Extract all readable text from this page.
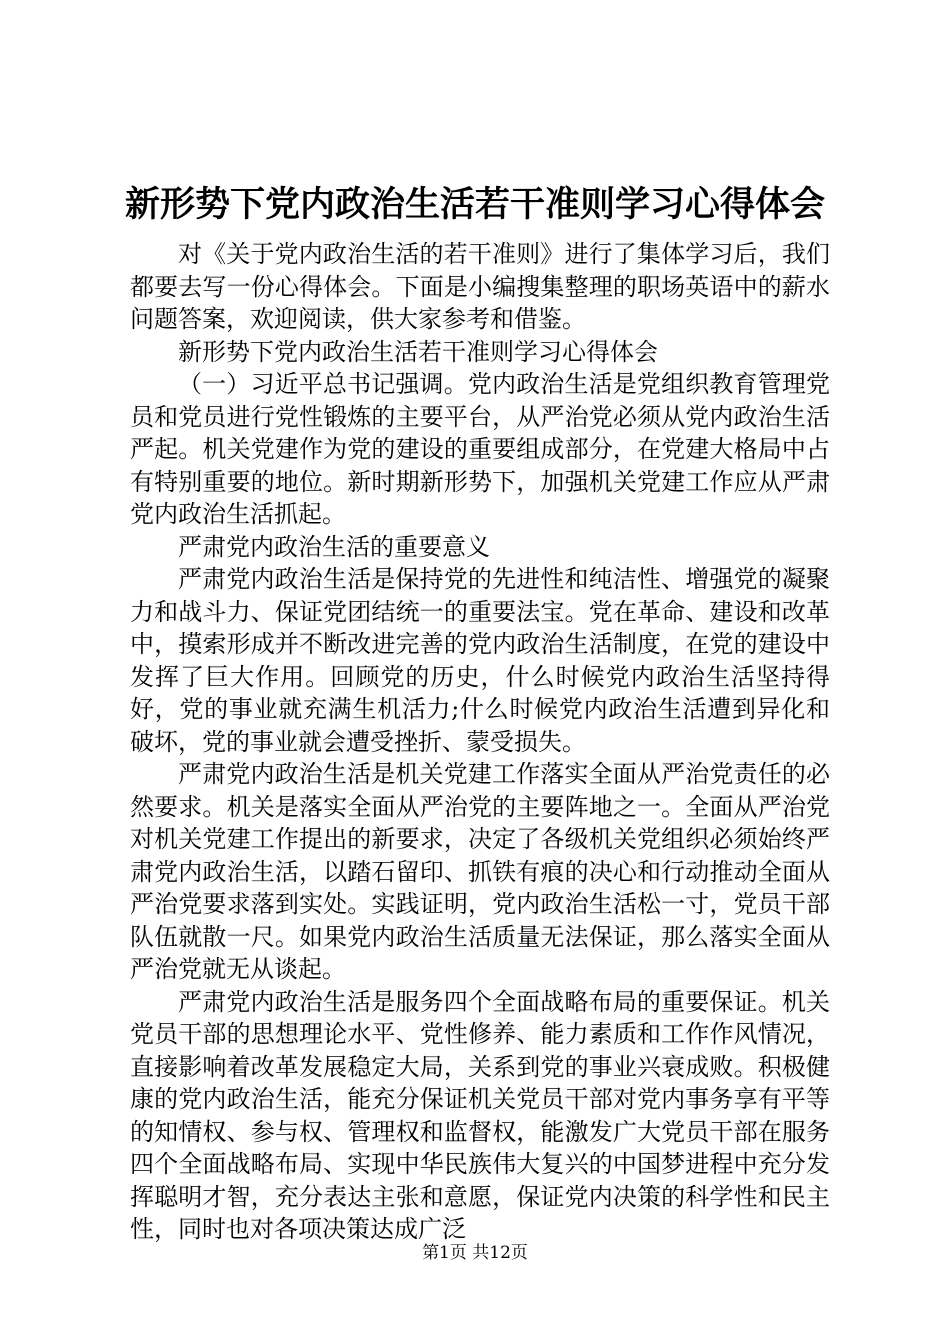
新形势下党内政治生活若干准则学习心得体会

对《关于党内政治生活的若干准则》进行了集体学习后，我们都要去写一份心得体会。下面是小编搜集整理的职场英语中的薪水问题答案，欢迎阅读，供大家参考和借鉴。

新形势下党内政治生活若干准则学习心得体会

（一）习近平总书记强调。党内政治生活是党组织教育管理党员和党员进行党性锻炼的主要平台，从严治党必须从党内政治生活严起。机关党建作为党的建设的重要组成部分，在党建大格局中占有特别重要的地位。新时期新形势下，加强机关党建工作应从严肃党内政治生活抓起。

严肃党内政治生活的重要意义

严肃党内政治生活是保持党的先进性和纯洁性、增强党的凝聚力和战斗力、保证党团结统一的重要法宝。党在革命、建设和改革中，摸索形成并不断改进完善的党内政治生活制度，在党的建设中发挥了巨大作用。回顾党的历史，什么时候党内政治生活坚持得好，党的事业就充满生机活力;什么时候党内政治生活遭到异化和破坏，党的事业就会遭受挫折、蒙受损失。

严肃党内政治生活是机关党建工作落实全面从严治党责任的必然要求。机关是落实全面从严治党的主要阵地之一。全面从严治党对机关党建工作提出的新要求，决定了各级机关党组织必须始终严肃党内政治生活，以踏石留印、抓铁有痕的决心和行动推动全面从严治党要求落到实处。实践证明，党内政治生活松一寸，党员干部队伍就散一尺。如果党内政治生活质量无法保证，那么落实全面从严治党就无从谈起。

严肃党内政治生活是服务四个全面战略布局的重要保证。机关党员干部的思想理论水平、党性修养、能力素质和工作作风情况，直接影响着改革发展稳定大局，关系到党的事业兴衰成败。积极健康的党内政治生活，能充分保证机关党员干部对党内事务享有平等的知情权、参与权、管理权和监督权，能激发广大党员干部在服务四个全面战略布局、实现中华民族伟大复兴的中国梦进程中充分发挥聪明才智，充分表达主张和意愿，保证党内决策的科学性和民主性，同时也对各项决策达成广泛

第1页 共12页
